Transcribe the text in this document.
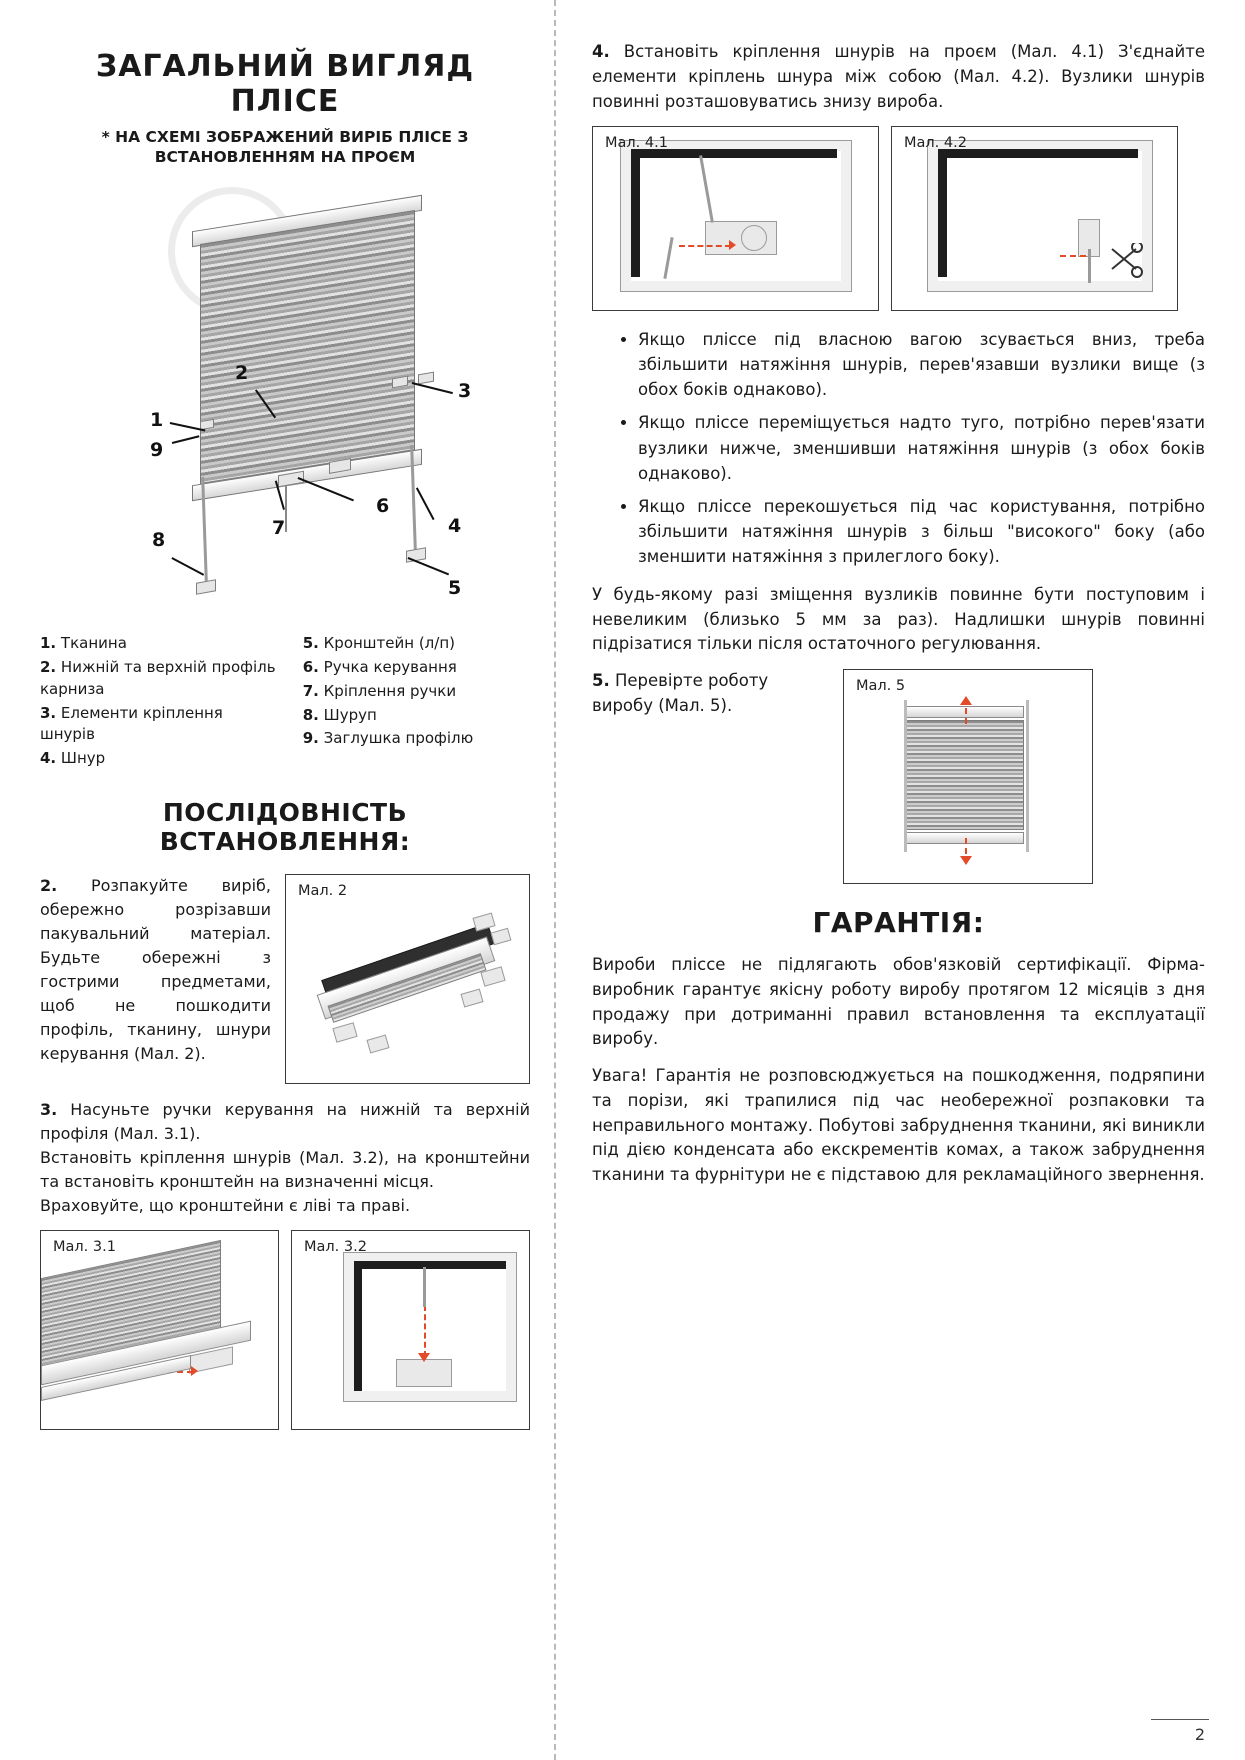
ЗАГАЛЬНИЙ ВИГЛЯД ПЛІСЕ
* НА СХЕМІ ЗОБРАЖЕНИЙ ВИРІБ ПЛІСЕ З ВСТАНОВЛЕННЯМ НА ПРОЄМ
1
2
3
4
5
6
7
8
9
1. Тканина
2. Нижній та верхній профіль карниза
3. Елементи кріплення шнурів
4. Шнур
5. Кронштейн (л/п)
6. Ручка керування
7. Кріплення ручки
8. Шуруп
9. Заглушка профілю
ПОСЛІДОВНІСТЬ ВСТАНОВЛЕННЯ:
2. Розпакуйте виріб, обережно розрізавши пакувальний матеріал. Будьте обережні з гострими предметами, щоб не пошкодити профіль, тканину, шнури керування (Мал. 2).
Мал. 2
3. Насуньте ручки керування на нижній та верхній профіля (Мал. 3.1).
Встановіть кріплення шнурів (Мал. 3.2), на кронштейни та встановіть кронштейн на визначенні місця.
Враховуйте, що кронштейни є ліві та праві.
Мал. 3.1	Мал. 3.2
4. Встановіть кріплення шнурів на проєм (Мал. 4.1) З'єднайте елементи кріплень шнура між собою (Мал. 4.2). Вузлики шнурів повинні розташовуватись знизу виробa.
Мал. 4.1	Мал. 4.2
• Якщо пліссе під власною вагою зсувається вниз, треба збільшити натяжіння шнурів, перев'язавши вузлики вище (з обох боків однаково).
• Якщо пліссе переміщується надто туго, потрібно перев'язати вузлики нижче, зменшивши натяжіння шнурів (з обох боків однаково).
• Якщо пліссе перекошується під час користування, потрібно збільшити натяжіння шнурів з більш "високого" боку (або зменшити натяжіння з прилеглого боку).
У будь-якому разі зміщення вузликів повинне бути поступовим і невеликим (близько 5 мм за раз). Надлишки шнурів повинні підрізатися тільки після остаточного регулювання.
5. Перевірте роботу виробу (Мал. 5).
Мал. 5
ГАРАНТІЯ:
Вироби пліссе не підлягають обов'язковій сертифікації. Фірма-виробник гарантує якісну роботу виробу протягом 12 місяців з дня продажу при дотриманні правил встановлення та експлуатації виробу.
Увага! Гарантія не розповсюджується на пошкодження, подряпини та порізи, які трапилися під час необережної розпаковки та неправильного монтажу. Побутові забруднення тканини, які виникли під дією конденсата або екскрементів комах, а також забруднення тканини та фурнітури не є підставою для рекламаційного звернення.
2
